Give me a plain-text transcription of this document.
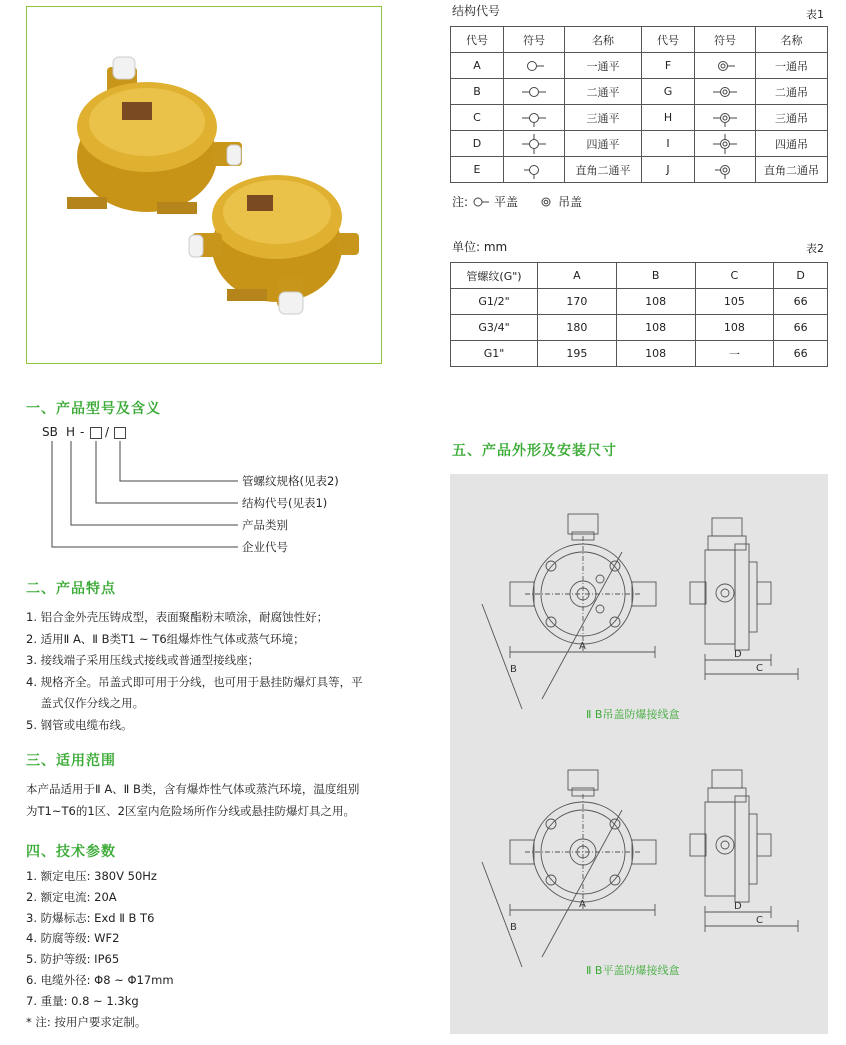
结构代号	表1
代号	符号	名称	代号	符号	名称
A		一通平	F		一通吊
B		二通平	G		二通吊
C		三通平	H		三通吊
D		四通平	I		四通吊
E		直角二通平	J		直角二通吊
注: 平盖	吊盖
单位: mm	表2
管螺纹(G")	A	B	C	D
G1/2"	170	108	105	66
G3/4"	180	108	108	66
G1"	195	108	一	66
一、产品型号及含义
SB H - /
管螺纹规格(见表2)
结构代号(见表1)
产品类别
企业代号
二、产品特点
1. 铝合金外壳压铸成型，表面聚酯粉末喷涂，耐腐蚀性好；
2. 适用Ⅱ A、Ⅱ B类T1 ~ T6组爆炸性气体或蒸气环境；
3. 接线端子采用压线式接线或普通型接线座；
4. 规格齐全。吊盖式即可用于分线，也可用于悬挂防爆灯具等，平
盖式仅作分线之用。
5. 钢管或电缆布线。
三、适用范围
本产品适用于Ⅱ A、Ⅱ B类，含有爆炸性气体或蒸汽环境，温度组别
为T1~T6的1区、2区室内危险场所作分线或悬挂防爆灯具之用。
四、技术参数
1. 额定电压: 380V 50Hz
2. 额定电流: 20A
3. 防爆标志: Exd Ⅱ B T6
4. 防腐等级: WF2
5. 防护等级: IP65
6. 电缆外径: Φ8 ~ Φ17mm
7. 重量: 0.8 ~ 1.3kg
* 注: 按用户要求定制。
五、产品外形及安装尺寸
A
B
D
C
A
B
D
C
Ⅱ B吊盖防爆接线盒
Ⅱ B平盖防爆接线盒
